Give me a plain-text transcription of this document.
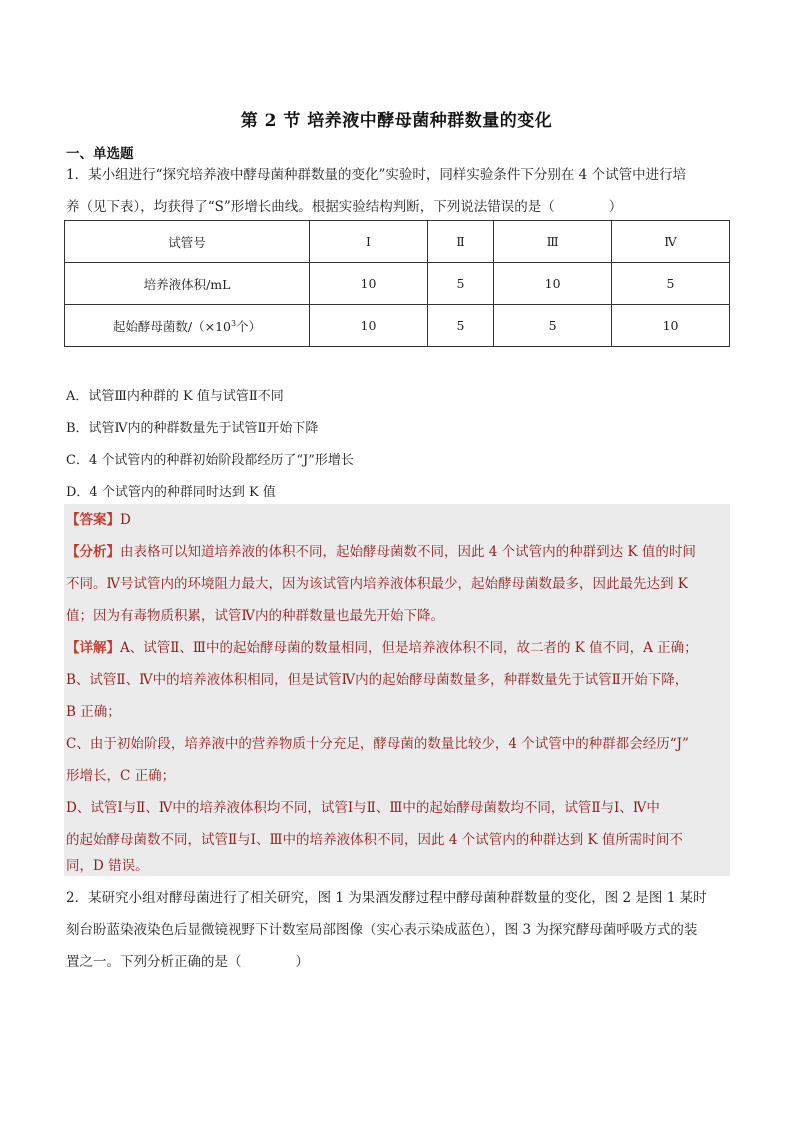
第 2 节 培养液中酵母菌种群数量的变化
一、单选题
1．某小组进行“探究培养液中酵母菌种群数量的变化”实验时，同样实验条件下分别在 4 个试管中进行培
养（见下表），均获得了“S”形增长曲线。根据实验结构判断，下列说法错误的是（　　　　）
试管号	Ⅰ	Ⅱ	Ⅲ	Ⅳ
培养液体积/mL	10	5	10	5
起始酵母菌数$/(\times 10^3$个）	10	5	5	10
A．试管Ⅲ内种群的 K 值与试管Ⅱ不同
B．试管Ⅳ内的种群数量先于试管Ⅱ开始下降
C．4 个试管内的种群初始阶段都经历了“J”形增长
D．4 个试管内的种群同时达到 K 值
【答案】D
【分析】由表格可以知道培养液的体积不同，起始酵母菌数不同，因此 4 个试管内的种群到达 K 值的时间
不同。Ⅳ号试管内的环境阻力最大，因为该试管内培养液体积最少，起始酵母菌数最多，因此最先达到 K
值；因为有毒物质积累，试管Ⅳ内的种群数量也最先开始下降。
【详解】A、试管Ⅱ、Ⅲ中的起始酵母菌的数量相同，但是培养液体积不同，故二者的 K 值不同，A 正确；
B、试管Ⅱ、Ⅳ中的培养液体积相同，但是试管Ⅳ内的起始酵母菌数量多，种群数量先于试管Ⅱ开始下降，
B 正确；
C、由于初始阶段，培养液中的营养物质十分充足，酵母菌的数量比较少，4 个试管中的种群都会经历“J”
形增长，C 正确；
D、试管Ⅰ与Ⅱ、Ⅳ中的培养液体积均不同，试管Ⅰ与Ⅱ、Ⅲ中的起始酵母菌数均不同，试管Ⅱ与Ⅰ、Ⅳ中
的起始酵母菌数不同，试管Ⅱ与Ⅰ、Ⅲ中的培养液体积不同，因此 4 个试管内的种群达到 K 值所需时间不
同，D 错误。
2．某研究小组对酵母菌进行了相关研究，图 1 为果酒发酵过程中酵母菌种群数量的变化，图 2 是图 1 某时
刻台盼蓝染液染色后显微镜视野下计数室局部图像（实心表示染成蓝色），图 3 为探究酵母菌呼吸方式的装
置之一。下列分析正确的是（　　　　）
